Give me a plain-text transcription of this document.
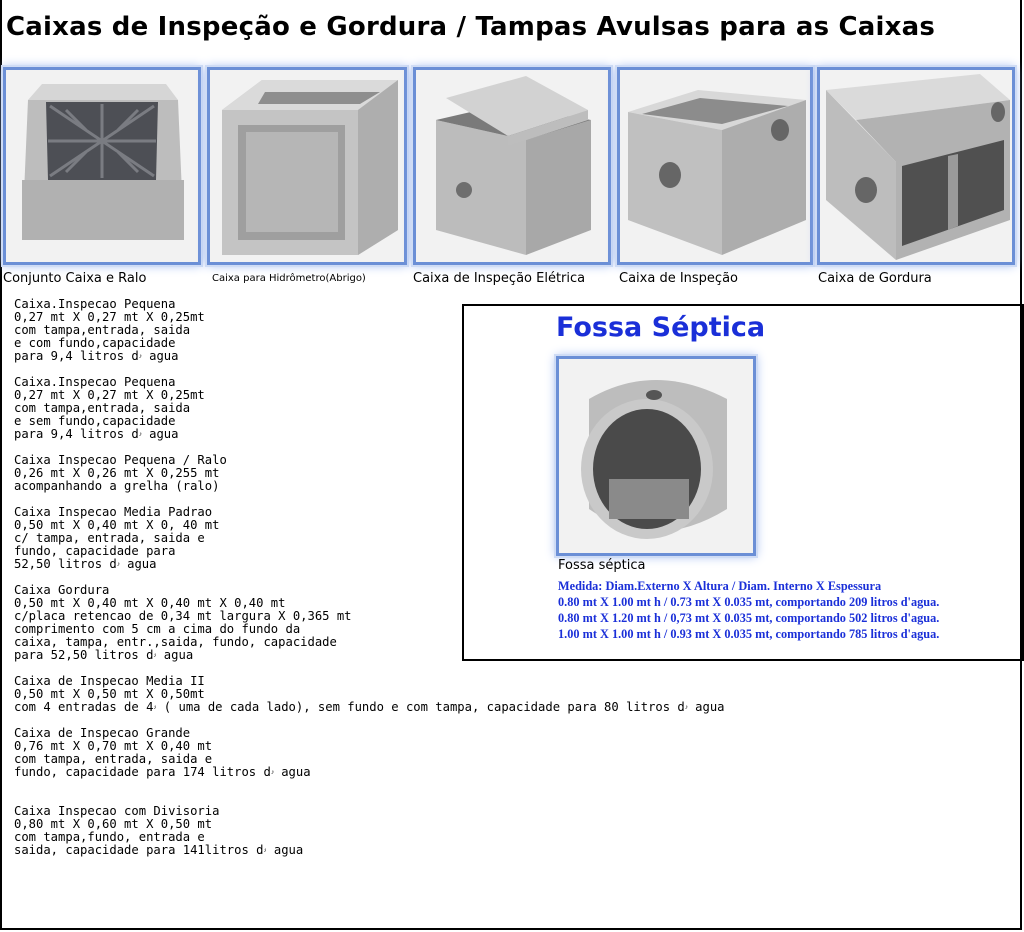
Caixas de Inspeção e Gordura / Tampas Avulsas para as Caixas
Conjunto Caixa e Ralo	Caixa para Hidrômetro(Abrigo)	Caixa de Inspeção Elétrica	Caixa de Inspeção	Caixa de Gordura
Caixa.Inspecao Pequena
0,27 mt X 0,27 mt X 0,25mt
com tampa,entrada, saida
e com fundo,capacidade
para 9,4 litros dۥ agua
Caixa.Inspecao Pequena
0,27 mt X 0,27 mt X 0,25mt
com tampa,entrada, saida
e sem fundo,capacidade
para 9,4 litros dۥ agua
Caixa Inspecao Pequena / Ralo
0,26 mt X 0,26 mt X 0,255 mt
acompanhando a grelha (ralo)
Caixa Inspecao Media Padrao
0,50 mt X 0,40 mt X 0, 40 mt
c/ tampa, entrada, saida e
fundo, capacidade para
52,50 litros dۥ agua
Caixa Gordura
0,50 mt X 0,40 mt X 0,40 mt X 0,40 mt
c/placa retencao de 0,34 mt largura X 0,365 mt
comprimento com 5 cm a cima do fundo da
caixa, tampa, entr.,saida, fundo, capacidade
para 52,50 litros dۥ agua
Caixa de Inspecao Media II
0,50 mt X 0,50 mt X 0,50mt
com 4 entradas de 4ۥ ( uma de cada lado), sem fundo e com tampa, capacidade para 80 litros dۥ agua
Caixa de Inspecao Grande
0,76 mt X 0,70 mt X 0,40 mt
com tampa, entrada, saida e
fundo, capacidade para 174 litros dۥ agua
Caixa Inspecao com Divisoria
0,80 mt X 0,60 mt X 0,50 mt
com tampa,fundo, entrada e
saida, capacidade para 141litros dۥ agua
Fossa Séptica
Fossa séptica
Medida: Diam.Externo X Altura / Diam. Interno X Espessura
0.80 mt X 1.00 mt h / 0.73 mt X 0.035 mt, comportando 209 litros d'agua.
0.80 mt X 1.20 mt h / 0,73 mt X 0.035 mt, comportando 502 litros d'agua.
1.00 mt X 1.00 mt h / 0.93 mt X 0.035 mt, comportando 785 litros d'agua.
